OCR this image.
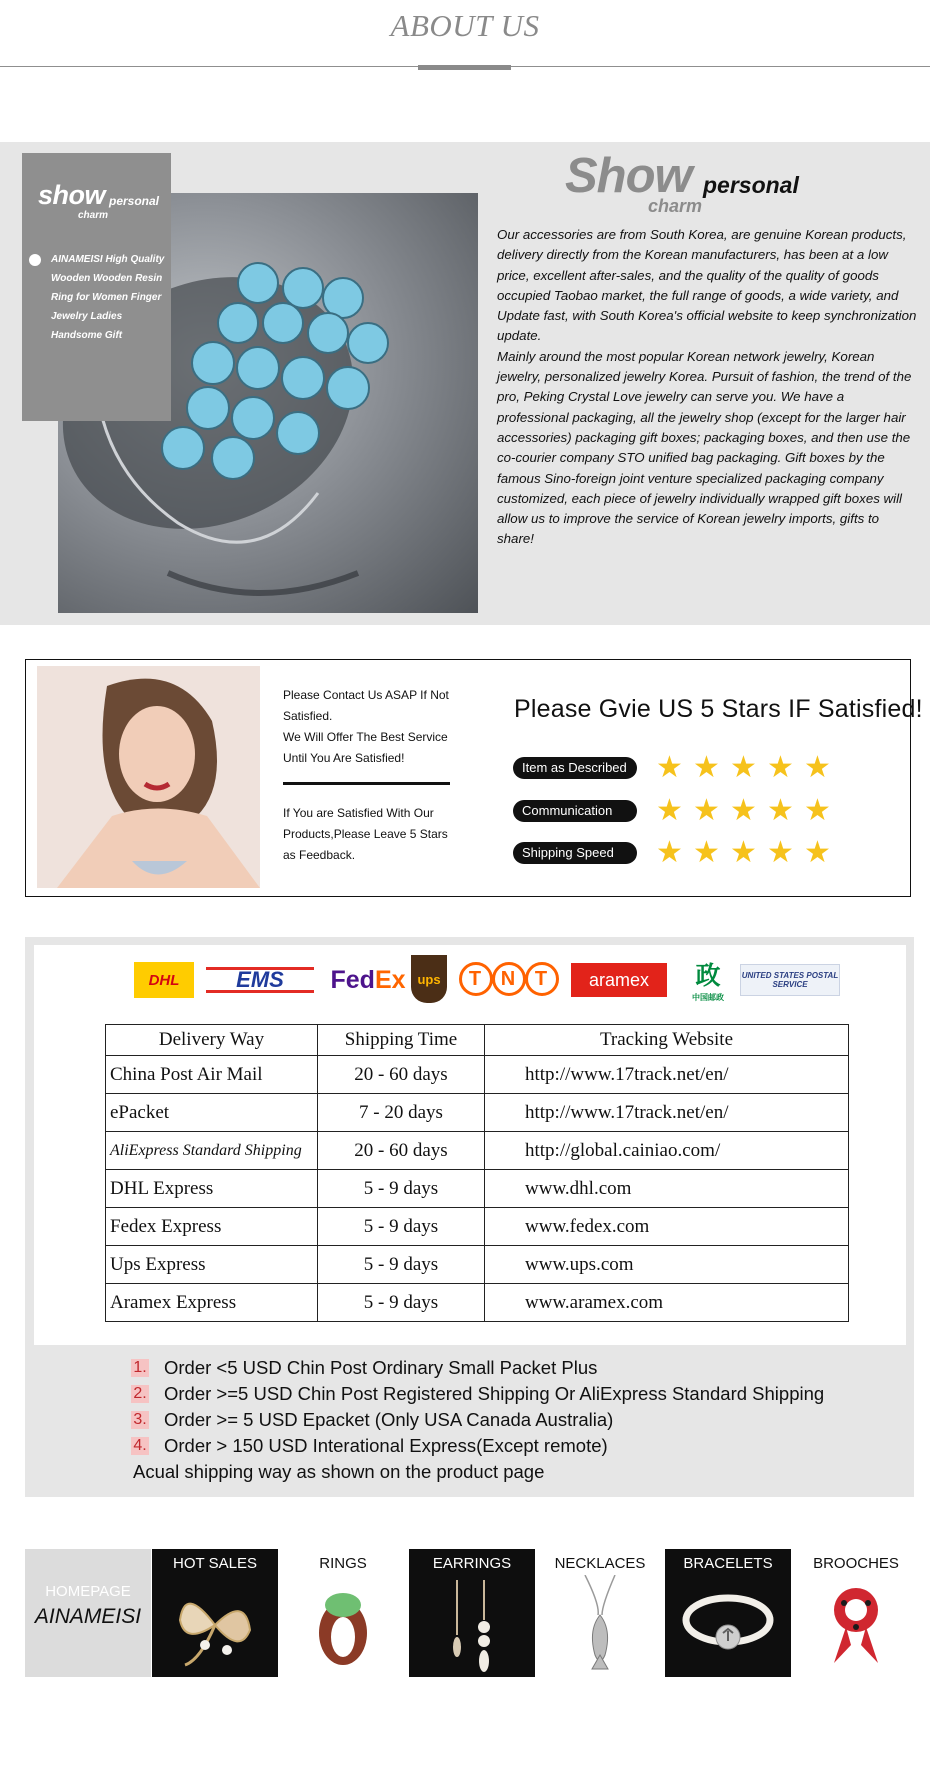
ABOUT US
show personal
charm
AINAMEISI High Quality Wooden Wooden Resin Ring for Women Finger Jewelry Ladies Handsome Gift
Show
charm
personal

Our accessories are from South Korea, are genuine Korean products, delivery directly from the Korean manufacturers, has been at a low price, excellent after-sales, and the quality of the quality of goods occupied Taobao market, the full range of goods, a wide variety, and Update fast, with South Korea's official website to keep synchronization update.

Mainly around the most popular Korean network jewelry, Korean jewelry, personalized jewelry Korea. Pursuit of fashion, the trend of the pro, Peking Crystal Love jewelry can serve you. We have a professional packaging, all the jewelry shop (except for the larger hair accessories) packaging gift boxes; packaging boxes, and then use the co-courier company STO unified bag packaging. Gift boxes by the famous Sino-foreign joint venture specialized packaging company customized, each piece of jewelry individually wrapped gift boxes will allow us to improve the service of Korean jewelry imports, gifts to share!

Please Contact Us ASAP If Not Satisfied.
We Will Offer The Best Service Until You Are Satisfied!
If You are Satisfied With Our Products,Please Leave 5 Stars as Feedback.
Please Gvie US 5 Stars IF Satisfied!
Item as Described ★ ★ ★ ★ ★
Communication	★ ★ ★ ★ ★
Shipping Speed	★ ★ ★ ★ ★
DHL	EMS	Fed Ex ups	T N T	aramex	政
中国邮政
UNITED STATES POSTAL SERVICE
Delivery Way	Shipping Time	Tracking Website
China Post Air Mail	20 - 60 days	http://www.17track.net/en/
ePacket	7 - 20 days	http://www.17track.net/en/
AliExpress Standard Shipping	20 - 60 days	http://global.cainiao.com/
DHL Express	5 - 9 days	www.dhl.com
Fedex Express	5 - 9 days	www.fedex.com
Ups Express	5 - 9 days	www.ups.com
Aramex Express	5 - 9 days	www.aramex.com
1. Order <5 USD Chin Post Ordinary Small Packet Plus
2. Order >=5 USD Chin Post Registered Shipping Or AliExpress Standard Shipping
3. Order >= 5 USD Epacket (Only USA Canada Australia)
4. Order > 150 USD Interational Express(Except remote)
Acual shipping way as shown on the product page
HOMEPAGE
AINAMEISI
HOT SALES	RINGS	EARRINGS	NECKLACES	BRACELETS	BROOCHES
